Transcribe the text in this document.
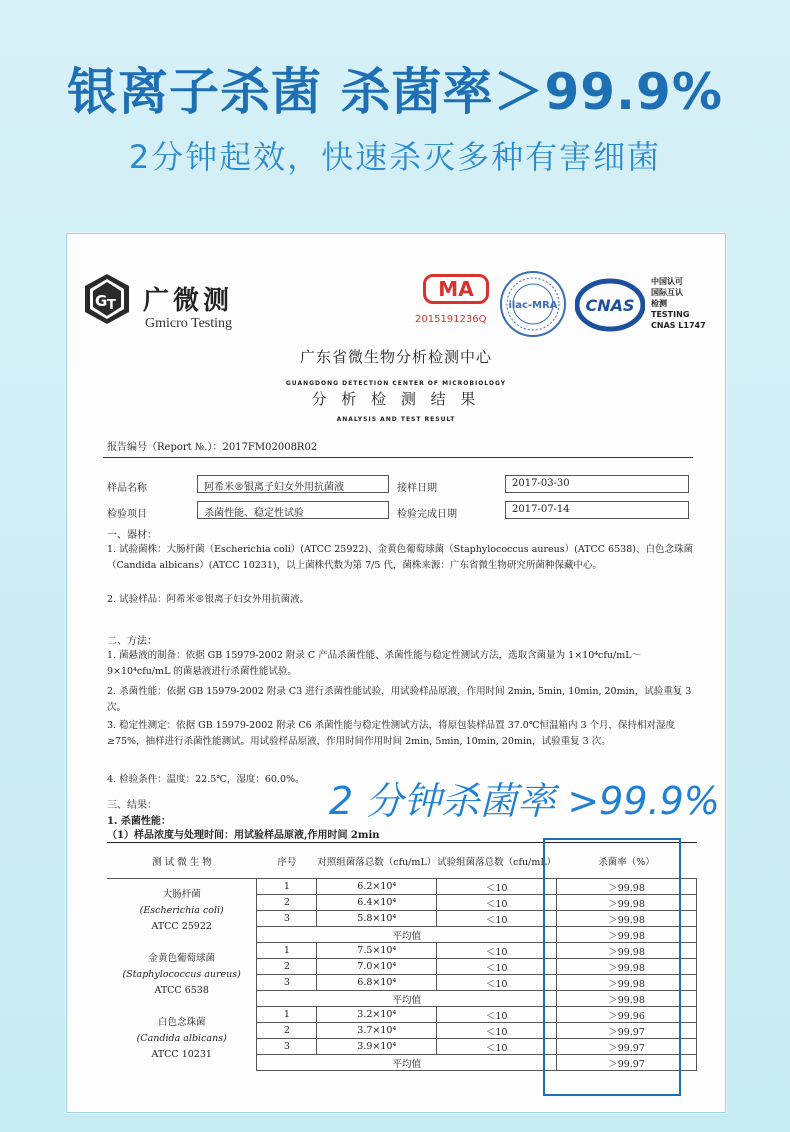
银离子杀菌 杀菌率＞99.9%
2分钟起效，快速杀灭多种有害细菌
G T 广微测
Gmicro Testing
MA
2015191236Q
ilac-MRA CNAS
中国认可
国际互认
检测
TESTING
CNAS L1747
广东省微生物分析检测中心
GUANGDONG DETECTION CENTER OF MICROBIOLOGY
分 析 检 测 结 果
ANALYSIS AND TEST RESULT
报告编号（Report №.）：2017FM02008R02
样品名称	阿希米®银离子妇女外用抗菌液	接样日期	2017-03-30
检验项目	杀菌性能、稳定性试验	检验完成日期	2017-07-14
一、器材：
1. 试验菌株：大肠杆菌（Escherichia coli）(ATCC 25922)、金黄色葡萄球菌（Staphylococcus aureus）(ATCC 6538)、白色念珠菌（Candida albicans）(ATCC 10231)，以上菌株代数为第 7/5 代，菌株来源：广东省微生物研究所菌种保藏中心。
2. 试验样品：阿希米®银离子妇女外用抗菌液。
二、方法：
1. 菌悬液的制备：依据 GB 15979-2002 附录 C 产品杀菌性能、杀菌性能与稳定性测试方法，选取含菌量为 1×10⁴cfu/mL～9×10⁴cfu/mL 的菌悬液进行杀菌性能试验。
2. 杀菌性能：依据 GB 15979-2002 附录 C3 进行杀菌性能试验，用试验样品原液，作用时间 2min, 5min, 10min, 20min，试验重复 3 次。
3. 稳定性测定：依据 GB 15979-2002 附录 C6 杀菌性能与稳定性测试方法，将原包装样品置 37.0℃恒温箱内 3 个月，保持相对湿度≥75%，抽样进行杀菌性能测试。用试验样品原液，作用时间作用时间 2min, 5min, 10min, 20min，试验重复 3 次。
4. 检验条件：温度：22.5℃，湿度：60.0%。
三、结果：
1. 杀菌性能：
（1）样品浓度与处理时间：用试验样品原液,作用时间 2min
2 分钟杀菌率 >99.9%
测 试 微 生 物	序号	对照组菌落总数（cfu/mL）	试验组菌落总数（cfu/mL）	杀菌率（%）

大肠杆菌
(Escherichia coli)
ATCC 25922	1	6.2×10⁴	＜10	＞99.98
	2	6.4×10⁴	＜10	＞99.98
	3	5.8×10⁴	＜10	＞99.98
	平均值			＞99.98

金黄色葡萄球菌
(Staphylococcus aureus)
ATCC 6538	1	7.5×10⁴	＜10	＞99.98
	2	7.0×10⁴	＜10	＞99.98
	3	6.8×10⁴	＜10	＞99.98
	平均值			＞99.98

白色念珠菌
(Candida albicans)
ATCC 10231	1	3.2×10⁴	＜10	＞99.96
	2	3.7×10⁴	＜10	＞99.97
	3	3.9×10⁴	＜10	＞99.97
	平均值			＞99.97
